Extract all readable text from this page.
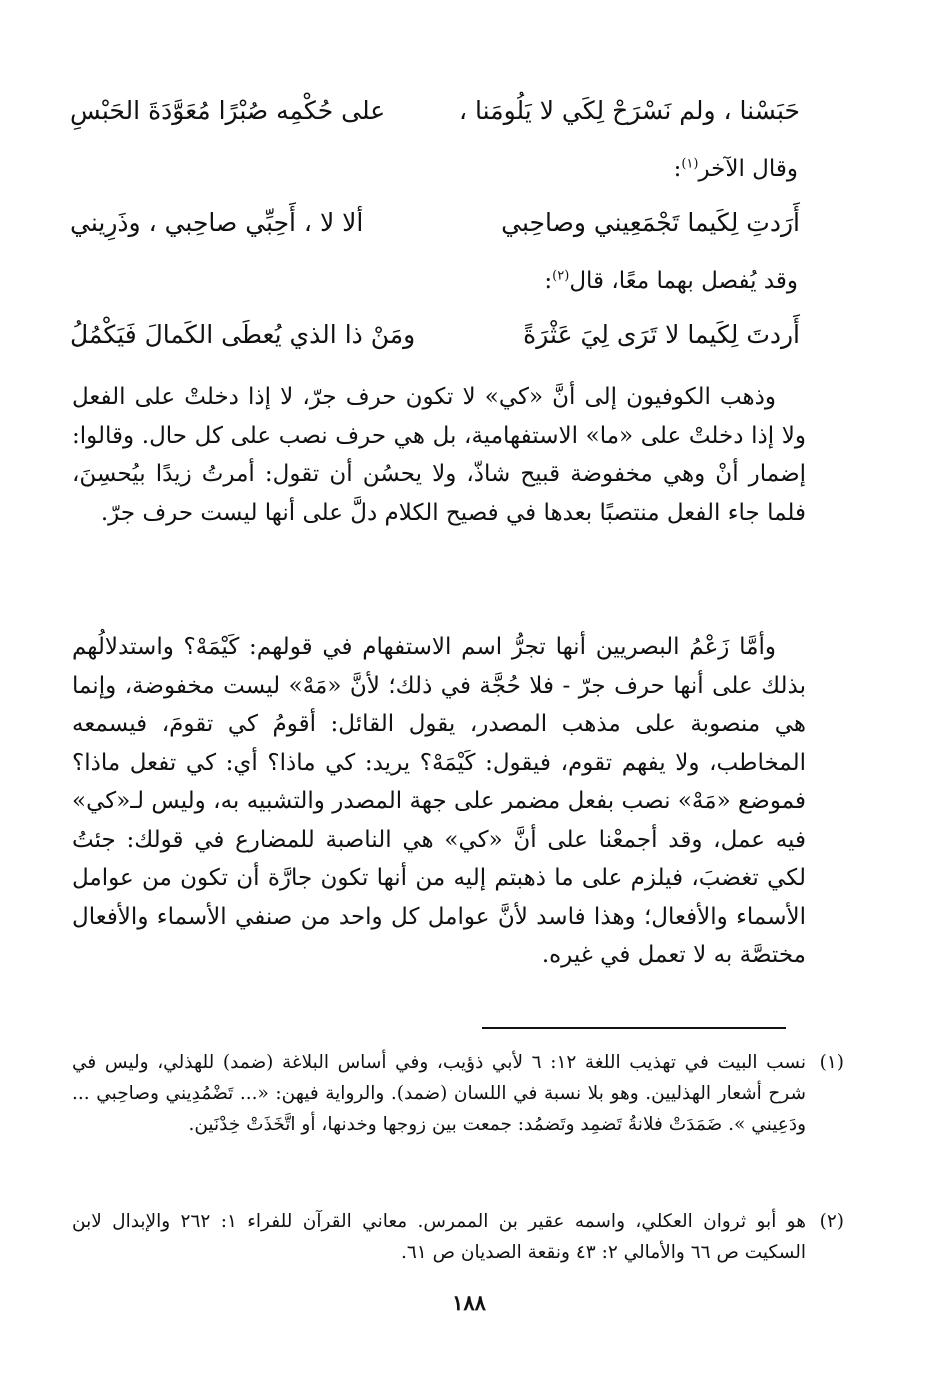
حَبَسْنا ، ولم نَسْرَحْ لِكَي لا يَلُومَنا ،
على حُكْمِه صُبْرًا مُعَوَّدَةَ الحَبْسِ
وقال الآخر$^{(١)}$:
أَرَدتِ لِكَيما تَجْمَعِيني وصاحِبي
ألا لا ، أَحِبِّي صاحِبي ، وذَرِيني
وقد يُفصل بهما معًا، قال$^{(٢)}$:
أَردتَ لِكَيما لا تَرَى لِيَ عَثْرَةً
ومَنْ ذا الذي يُعطَى الكَمالَ فَيَكْمُلُ

وذهب الكوفيون إلى أنَّ «كي» لا تكون حرف جرّ، لا إذا دخلتْ على الفعل ولا إذا دخلتْ على «ما» الاستفهامية، بل هي حرف نصب على كل حال. وقالوا: إضمار أنْ وهي مخفوضة قبيح شاذّ، ولا يحسُن أن تقول: أمرتُ زيدًا بيُحسِنَ، فلما جاء الفعل منتصبًا بعدها في فصيح الكلام دلَّ على أنها ليست حرف جرّ.

وأمَّا زَعْمُ البصريين أنها تجرُّ اسم الاستفهام في قولهم: كَيْمَهْ؟ واستدلالُهم بذلك على أنها حرف جرّ - فلا حُجَّة في ذلك؛ لأنَّ «مَهْ» ليست مخفوضة، وإنما هي منصوبة على مذهب المصدر، يقول القائل: أقومُ كي تقومَ، فيسمعه المخاطب، ولا يفهم تقوم، فيقول: كَيْمَهْ؟ يريد: كي ماذا؟ أي: كي تفعل ماذا؟ فموضع «مَهْ» نصب بفعل مضمر على جهة المصدر والتشبيه به، وليس لـ«كي» فيه عمل، وقد أجمعْنا على أنَّ «كي» هي الناصبة للمضارع في قولك: جئتُ لكي تغضبَ، فيلزم على ما ذهبتم إليه من أنها تكون جارَّة أن تكون من عوامل الأسماء والأفعال؛ وهذا فاسد لأنَّ عوامل كل واحد من صنفي الأسماء والأفعال مختصَّة به لا تعمل في غيره.

(١)
نسب البيت في تهذيب اللغة ١٢: ٦ لأبي ذؤيب، وفي أساس البلاغة (ضمد) للهذلي، وليس في شرح أشعار الهذليين. وهو بلا نسبة في اللسان (ضمد). والرواية فيهن: «... تَضْمُدِيني وصاحِبي ... ودَعِيني ». ضَمَدَتْ فلانةُ تَضمِد وتَضمُد: جمعت بين زوجها وخدنها، أو اتَّخَذَتْ خِدْنَين.
(٢)
هو أبو ثروان العكلي، واسمه عقير بن الممرس. معاني القرآن للفراء ١: ٢٦٢ والإبدال لابن السكيت ص ٦٦ والأمالي ٢: ٤٣ ونقعة الصديان ص ٦١.
١٨٨
